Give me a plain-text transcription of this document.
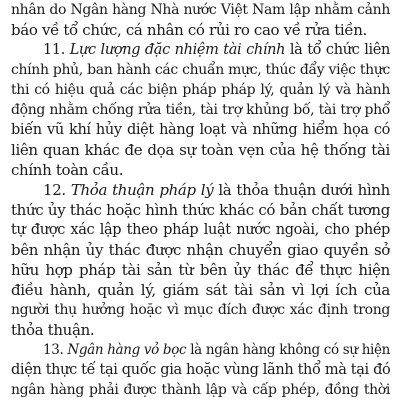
nhân do Ngân hàng Nhà nước Việt Nam lập nhằm cảnh
báo về tổ chức, cá nhân có rủi ro cao về rửa tiền.
11. Lực lượng đặc nhiệm tài chính là tổ chức liên
chính phủ, ban hành các chuẩn mực, thúc đẩy việc thực
thi có hiệu quả các biện pháp pháp lý, quản lý và hành
động nhằm chống rửa tiền, tài trợ khủng bố, tài trợ phổ
biến vũ khí hủy diệt hàng loạt và những hiểm họa có
liên quan khác đe dọa sự toàn vẹn của hệ thống tài
chính toàn cầu.
12. Thỏa thuận pháp lý là thỏa thuận dưới hình
thức ủy thác hoặc hình thức khác có bản chất tương
tự được xác lập theo pháp luật nước ngoài, cho phép
bên nhận ủy thác được nhận chuyển giao quyền sở
hữu hợp pháp tài sản từ bên ủy thác để thực hiện
điều hành, quản lý, giám sát tài sản vì lợi ích của
người thụ hưởng hoặc vì mục đích được xác định trong
thỏa thuận.
13. Ngân hàng vỏ bọc là ngân hàng không có sự hiện
diện thực tế tại quốc gia hoặc vùng lãnh thổ mà tại đó
ngân hàng phải được thành lập và cấp phép, đồng thời
